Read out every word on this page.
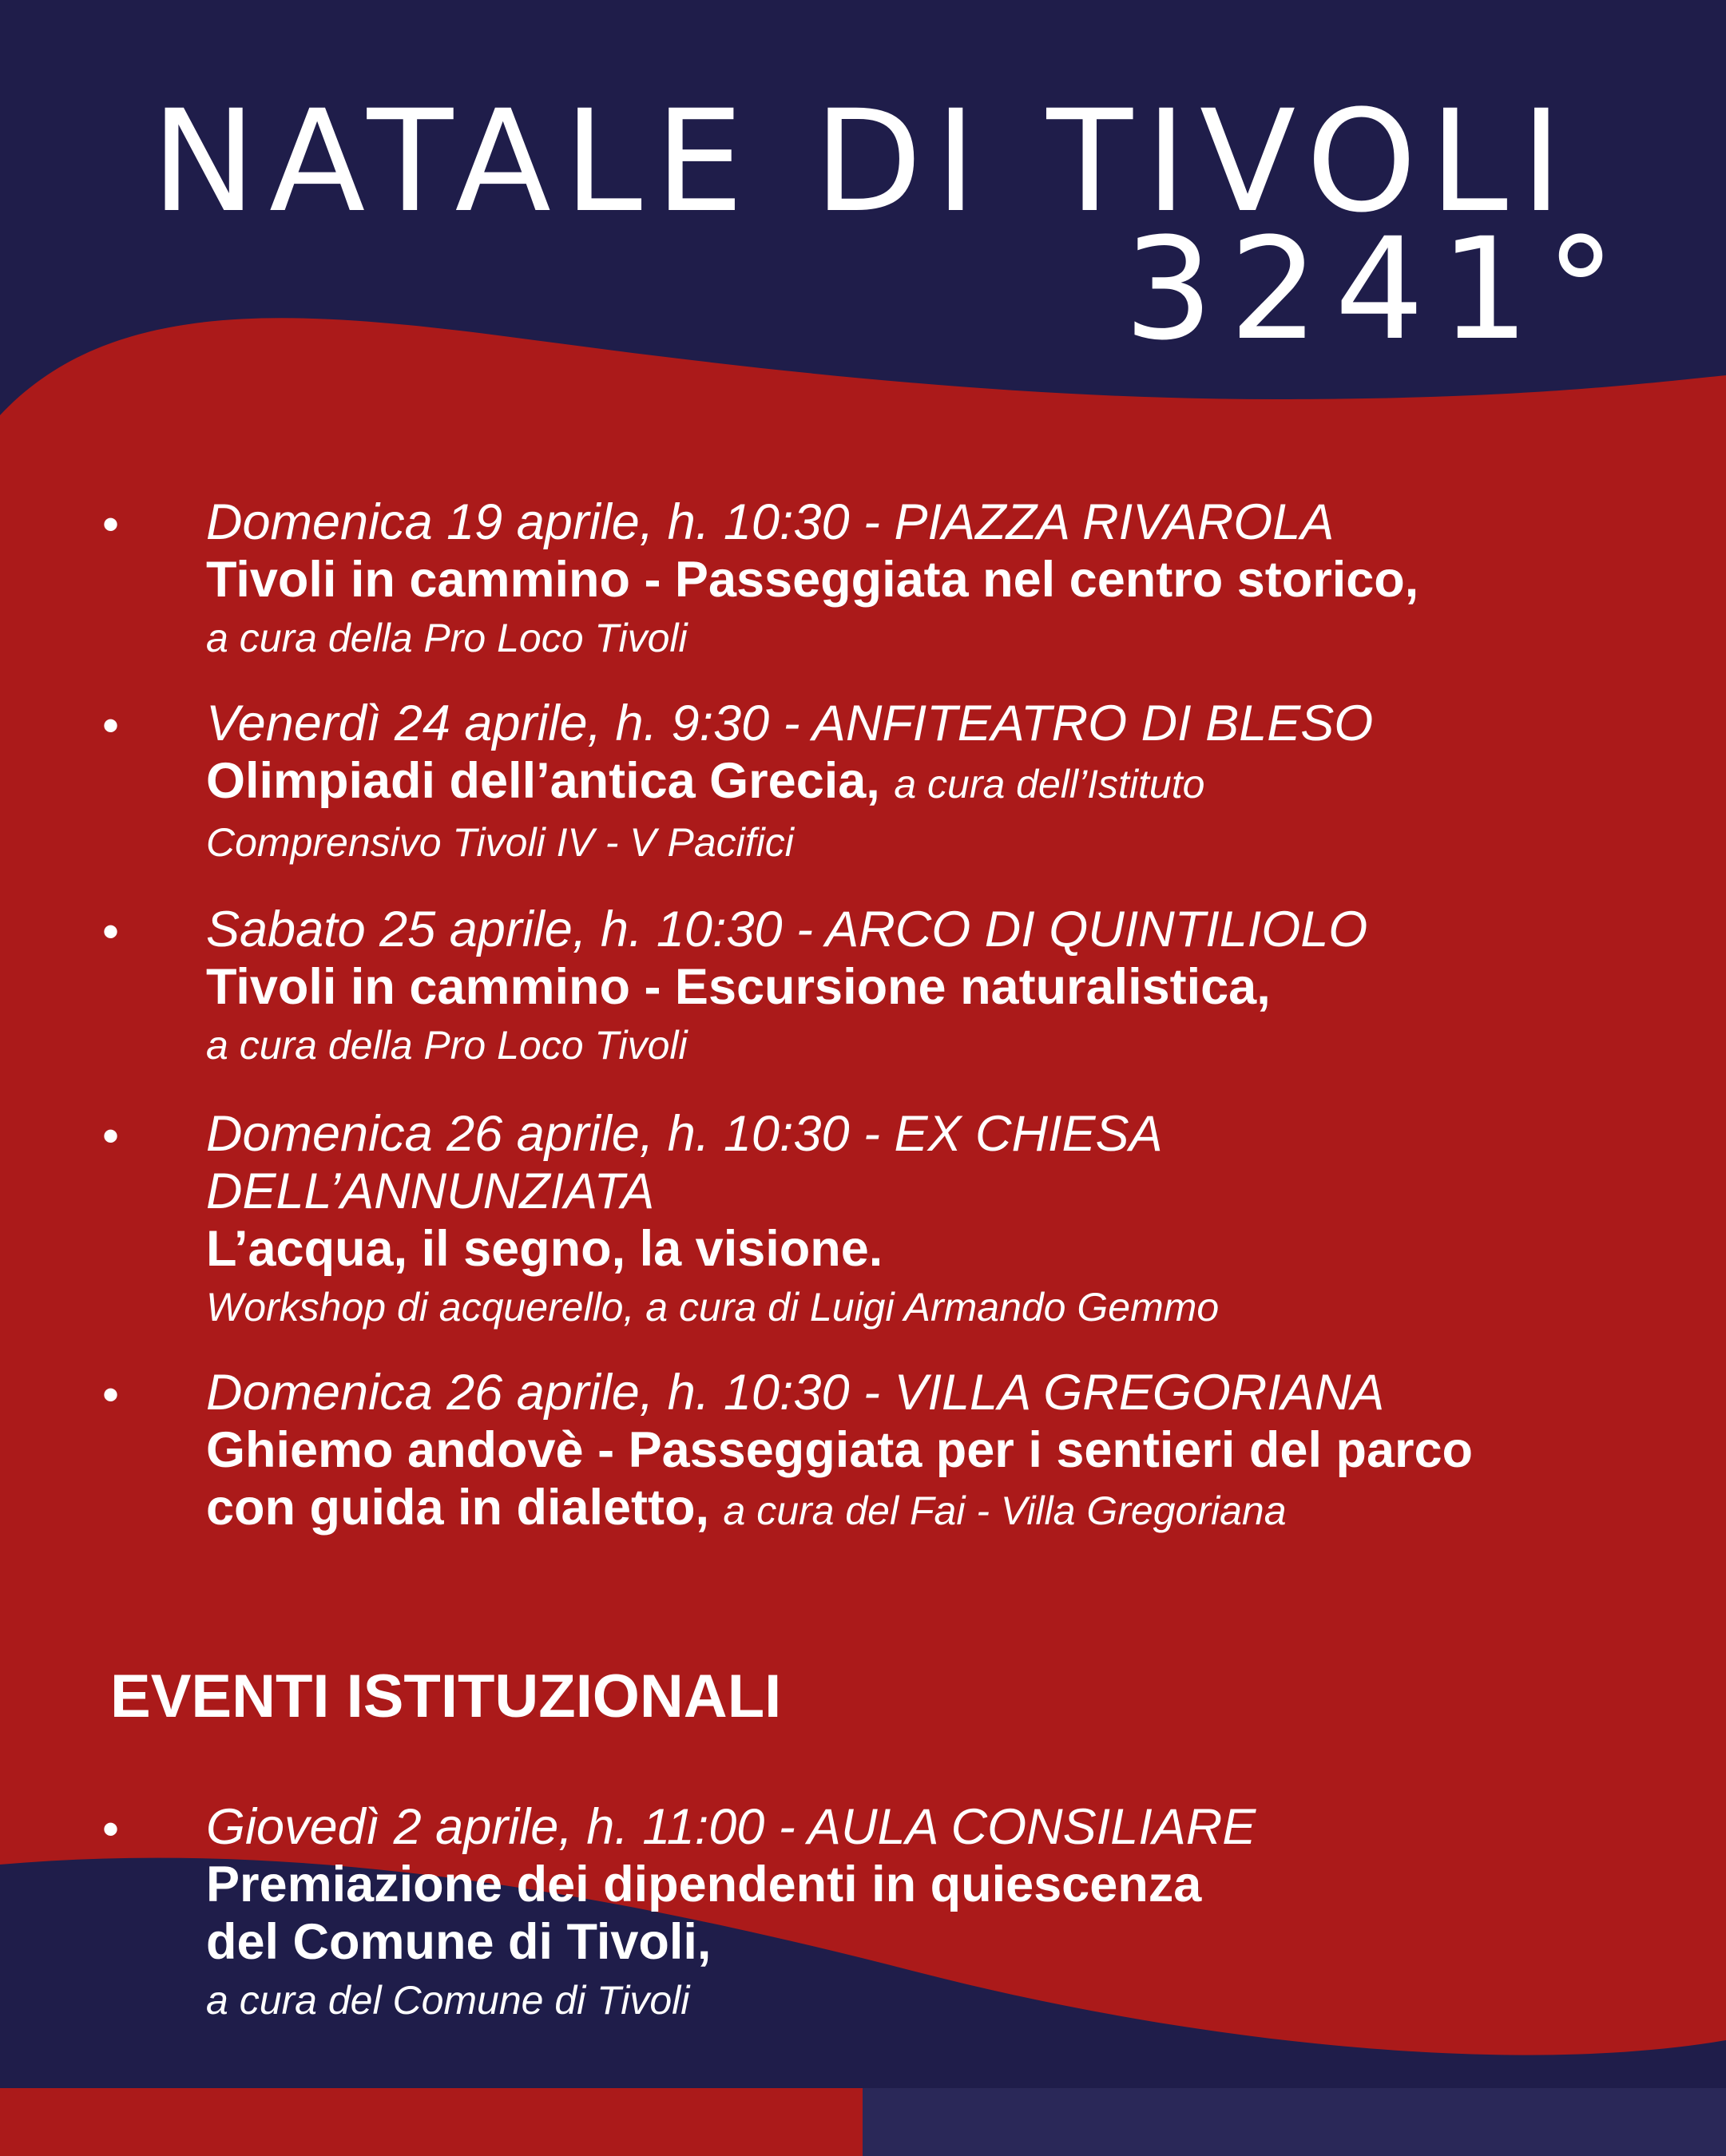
NATALE DI TIVOLI
3241°
• Domenica 19 aprile, h. 10:30 - PIAZZA RIVAROLA
Tivoli in cammino - Passeggiata nel centro storico,
a cura della Pro Loco Tivoli
• Venerdì 24 aprile, h. 9:30 - ANFITEATRO DI BLESO
Olimpiadi dell’antica Grecia, a cura dell’Istituto
Comprensivo Tivoli IV - V Pacifici
• Sabato 25 aprile, h. 10:30 - ARCO DI QUINTILIOLO
Tivoli in cammino - Escursione naturalistica,
a cura della Pro Loco Tivoli
• Domenica 26 aprile, h. 10:30 - EX CHIESA
DELL’ANNUNZIATA
L’acqua, il segno, la visione.
Workshop di acquerello, a cura di Luigi Armando Gemmo
• Domenica 26 aprile, h. 10:30 - VILLA GREGORIANA
Ghiemo andovè - Passeggiata per i sentieri del parco
con guida in dialetto, a cura del Fai - Villa Gregoriana
EVENTI ISTITUZIONALI
• Giovedì 2 aprile, h. 11:00 - AULA CONSILIARE
Premiazione dei dipendenti in quiescenza
del Comune di Tivoli,
a cura del Comune di Tivoli
